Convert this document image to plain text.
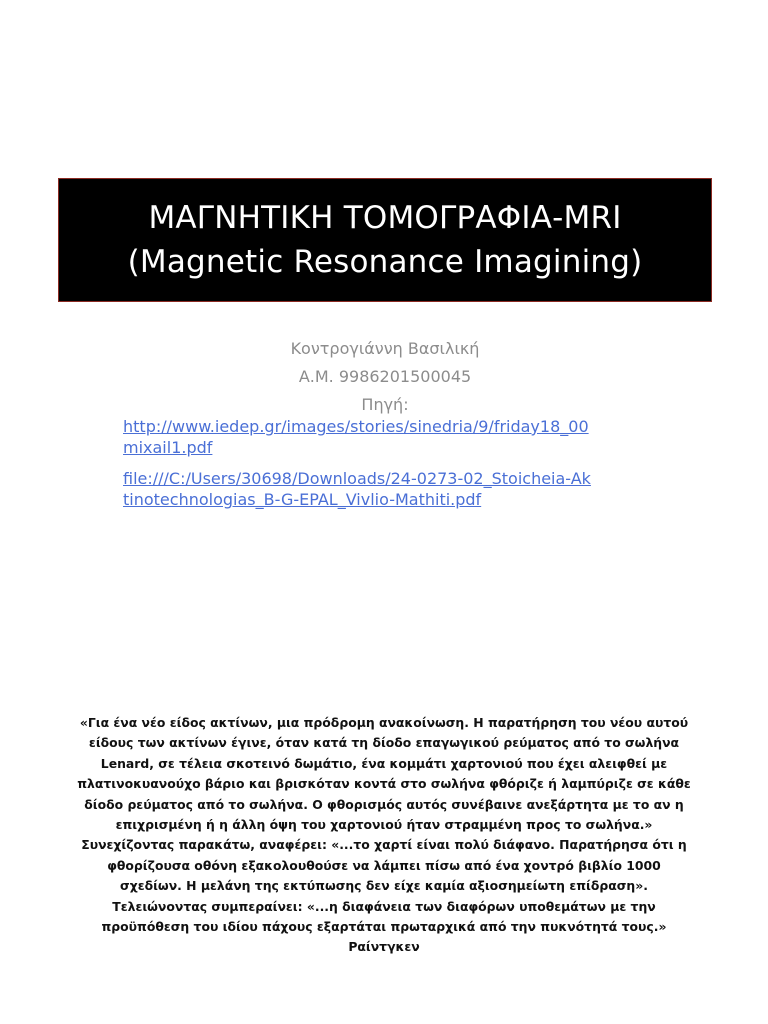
ΜΑΓΝΗΤΙΚΗ ΤΟΜΟΓΡΑΦΙΑ-MRI
(Magnetic Resonance Imagining)
Κοντρογιάννη Βασιλική
Α.Μ. 9986201500045
Πηγή:
http://www.iedep.gr/images/stories/sinedria/9/friday18_00
mixail1.pdf
file:///C:/Users/30698/Downloads/24-0273-02_Stoicheia-Ak
tinotechnologias_B-G-EPAL_Vivlio-Mathiti.pdf
«Για ένα νέο είδος ακτίνων, μια πρόδρομη ανακοίνωση. Η παρατήρηση του νέου αυτού
είδους των ακτίνων έγινε, όταν κατά τη δίοδο επαγωγικού ρεύματος από το σωλήνα
Lenard, σε τέλεια σκοτεινό δωμάτιο, ένα κομμάτι χαρτονιού που έχει αλειφθεί με
πλατινοκυανούχο βάριο και βρισκόταν κοντά στο σωλήνα φθόριζε ή λαμπύριζε σε κάθε
δίοδο ρεύματος από το σωλήνα. Ο φθορισμός αυτός συνέβαινε ανεξάρτητα με το αν η
επιχρισμένη ή η άλλη όψη του χαρτονιού ήταν στραμμένη προς το σωλήνα.»
Συνεχίζοντας παρακάτω, αναφέρει: «...το χαρτί είναι πολύ διάφανο. Παρατήρησα ότι η
φθορίζουσα οθόνη εξακολουθούσε να λάμπει πίσω από ένα χοντρό βιβλίο 1000
σχεδίων. Η μελάνη της εκτύπωσης δεν είχε καμία αξιοσημείωτη επίδραση».
Τελειώνοντας συμπεραίνει: «...η διαφάνεια των διαφόρων υποθεμάτων με την
προϋπόθεση του ιδίου πάχους εξαρτάται πρωταρχικά από την πυκνότητά τους.»
Ραίντγκεν
